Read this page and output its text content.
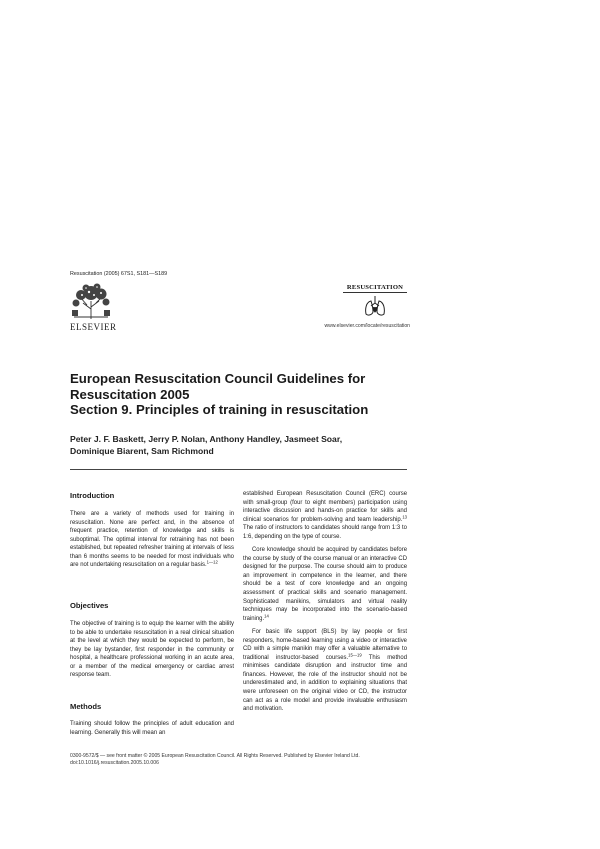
Resuscitation (2005) 67S1, S181—S189
ELSEVIER
RESUSCITATION
www.elsevier.com/locate/resuscitation
European Resuscitation Council Guidelines for
Resuscitation 2005
Section 9. Principles of training in resuscitation
Peter J. F. Baskett, Jerry P. Nolan, Anthony Handley, Jasmeet Soar,
Dominique Biarent, Sam Richmond
Introduction

There are a variety of methods used for training in resuscitation. None are perfect and, in the absence of frequent practice, retention of knowledge and skills is suboptimal. The optimal interval for retraining has not been established, but repeated refresher training at intervals of less than 6 months seems to be needed for most individuals who are not undertaking resuscitation on a regular basis.$^{1—12}$

Objectives

The objective of training is to equip the learner with the ability to be able to undertake resuscitation in a real clinical situation at the level at which they would be expected to perform, be they be lay bystander, first responder in the community or hospital, a healthcare professional working in an acute area, or a member of the medical emergency or cardiac arrest response team.

Methods

Training should follow the principles of adult education and learning. Generally this will mean an

established European Resuscitation Council (ERC) course with small-group (four to eight members) participation using interactive discussion and hands-on practice for skills and clinical scenarios for problem-solving and team leadership.$^{13}$ The ratio of instructors to candidates should range from 1:3 to 1:6, depending on the type of course.

Core knowledge should be acquired by candidates before the course by study of the course manual or an interactive CD designed for the purpose. The course should aim to produce an improvement in competence in the learner, and there should be a test of core knowledge and an ongoing assessment of practical skills and scenario management. Sophisticated manikins, simulators and virtual reality techniques may be incorporated into the scenario-based training.$^{14}$

For basic life support (BLS) by lay people or first responders, home-based learning using a video or interactive CD with a simple manikin may offer a valuable alternative to traditional instructor-based courses.$^{15—19}$ This method minimises candidate disruption and instructor time and finances. However, the role of the instructor should not be underestimated and, in addition to explaining situations that were unforeseen on the original video or CD, the instructor can act as a role model and provide invaluable enthusiasm and motivation.

0300-9572/$ — see front matter © 2005 European Resuscitation Council. All Rights Reserved. Published by Elsevier Ireland Ltd.
doi:10.1016/j.resuscitation.2005.10.006
